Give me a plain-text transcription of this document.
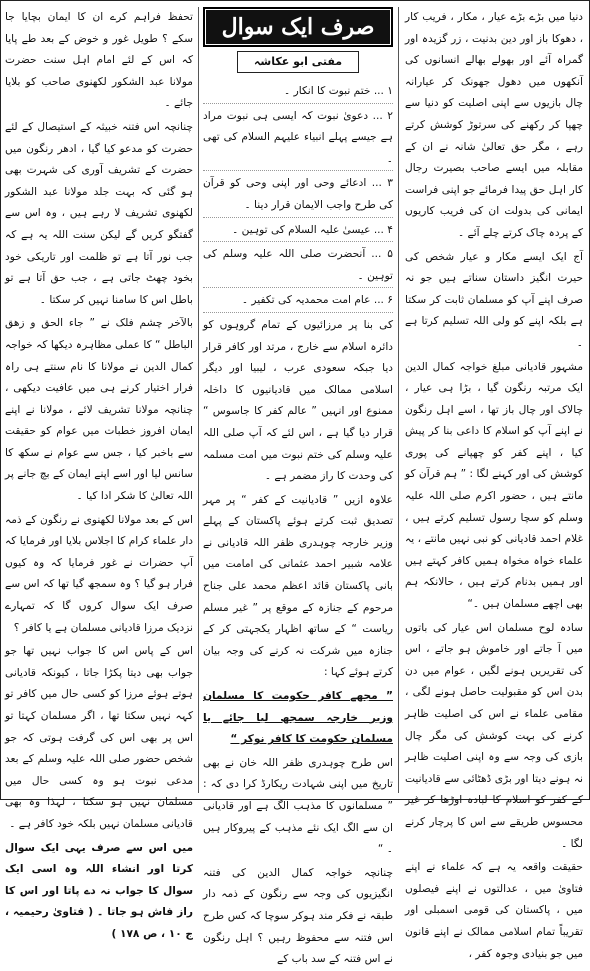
دنیا میں بڑے بڑے عیار ، مکار ، فریب کار ، دھوکا باز اور دین بدنیت ، زر گزیدہ اور گمراہ آئے اور بھولے بھالے انسانوں کی آنکھوں میں دھول جھونک کر عیارانہ چال بازیوں سے اپنی اصلیت کو دنیا سے چھپا کر رکھنے کی سرتوڑ کوشش کرتے رہے ، مگر حق تعالیٰ شانہ نے ان کے مقابلہ میں ایسے صاحب بصیرت رجال کار اہل حق پیدا فرمائے جو اپنی فراست ایمانی کی بدولت ان کی فریب کاریوں کے پردہ چاک کرتے چلے آئے ۔

آج ایک ایسے مکار و عیار شخص کی حیرت انگیز داستان سناتے ہیں جو نہ صرف اپنے آپ کو مسلمان ثابت کر سکتا ہے بلکہ اپنے کو ولی اللہ تسلیم کرتا ہے ۔

مشہور قادیانی مبلغ خواجہ کمال الدین ایک مرتبہ رنگون گیا ، بڑا ہی عیار ، چالاک اور چال باز تھا ، اسے اہل رنگون نے اپنے آپ کو اسلام کا داعی بنا کر پیش کیا ، اپنے کفر کو چھپانے کی پوری کوشش کی اور کہنے لگا : ” ہم قرآن کو مانتے ہیں ، حضور اکرم صلی اللہ علیہ وسلم کو سچا رسول تسلیم کرتے ہیں ، غلام احمد قادیانی کو نبی نہیں مانتے ، یہ علماء خواہ مخواہ ہمیں کافر کہتے ہیں اور ہمیں بدنام کرتے ہیں ، حالانکہ ہم بھی اچھے مسلمان ہیں ۔“

سادہ لوح مسلمان اس عیار کی باتوں میں آ جاتے اور خاموش ہو جاتے ، اس کی تقریریں ہونے لگیں ، عوام میں دن بدن اس کو مقبولیت حاصل ہونے لگی ، مقامی علماء نے اس کی اصلیت ظاہر کرنے کی بہت کوشش کی مگر چال بازی کی وجہ سے وہ اپنی اصلیت ظاہر نہ ہونے دیتا اور بڑی ڈھٹائی سے قادیانیت کے کفر کو اسلام کا لبادہ اوڑھا کر غیر محسوس طریقے سے اس کا پرچار کرنے لگا ۔

حقیقت واقعہ یہ ہے کہ علماء نے اپنے فتاویٰ میں ، عدالتوں نے اپنے فیصلوں میں ، پاکستان کی قومی اسمبلی اور تقریباً تمام اسلامی ممالک نے اپنے قانون میں جو بنیادی وجوہ کفر ،

صرف ایک سوال
مفتی ابو عکاشہ

۱ ... ختم نبوت کا انکار ۔

۲ ... دعویٰ نبوت کہ ایسی ہی نبوت مراد ہے جیسے پہلے انبیاء علیہم السلام کی تھی ۔

۳ ... ادعائے وحی اور اپنی وحی کو قرآن کی طرح واجب الایمان قرار دینا ۔

۴ ... عیسیٰ علیہ السلام کی توہین ۔

۵ ... آنحضرت صلی اللہ علیہ وسلم کی توہین ۔

۶ ... عام امت محمدیہ کی تکفیر ۔

کی بنا پر مرزائیوں کے تمام گروہوں کو دائرہ اسلام سے خارج ، مرتد اور کافر قرار دیا جبکہ سعودی عرب ، لیبیا اور دیگر اسلامی ممالک میں قادیانیوں کا داخلہ ممنوع اور انہیں ” عالم کفر کا جاسوس “ قرار دیا گیا ہے ، اس لئے کہ آپ صلی اللہ علیہ وسلم کی ختم نبوت میں امت مسلمہ کی وحدت کا راز مضمر ہے ۔

علاوہ ازیں ” قادیانیت کے کفر “ پر مہر تصدیق ثبت کرتے ہوئے پاکستان کے پہلے وزیر خارجہ چوہدری ظفر اللہ قادیانی نے علامہ شبیر احمد عثمانی کی امامت میں بانی پاکستان قائد اعظم محمد علی جناح مرحوم کے جنازہ کے موقع پر ” غیر مسلم ریاست “ کے ساتھ اظہار یکجہتی کر کے جنازہ میں شرکت نہ کرنے کی وجہ بیان کرتے ہوئے کہا :

” مجھے کافر حکومت کا مسلمان وزیر خارجہ سمجھ لیا جائے یا مسلمان حکومت کا کافر نوکر “

اس طرح چوہدری ظفر اللہ خان نے بھی تاریخ میں اپنی شہادت ریکارڈ کرا دی کہ : ” مسلمانوں کا مذہب الگ ہے اور قادیانی ان سے الگ ایک نئے مذہب کے پیروکار ہیں ۔ “

چنانچہ خواجہ کمال الدین کی فتنہ انگیزیوں کی وجہ سے رنگون کے ذمہ دار طبقہ نے فکر مند ہوکر سوچا کہ کس طرح اس فتنہ سے محفوظ رہیں ؟ اہل رنگون نے اس فتنہ کے سد باب کے

تحفظ فراہم کرے ان کا ایمان بچایا جا سکے ؟ طویل غور و خوض کے بعد طے پایا کہ اس کے لئے امام اہل سنت حضرت مولانا عبد الشکور لکھنوی صاحب کو بلایا جائے ۔

چنانچہ اس فتنہ خبیثہ کے استیصال کے لئے حضرت کو مدعو کیا گیا ، ادھر رنگون میں حضرت کے تشریف آوری کی شہرت بھی ہو گئی کہ بہت جلد مولانا عبد الشکور لکھنوی تشریف لا رہے ہیں ، وہ اس سے گفتگو کریں گے لیکن سنت اللہ یہ ہے کہ جب نور آتا ہے تو ظلمت اور تاریکی خود بخود چھٹ جاتی ہے ، جب حق آتا ہے تو باطل اس کا سامنا نہیں کر سکتا ۔

بالآخر چشم فلک نے ” جاء الحق و زھق الباطل “ کا عملی مظاہرہ دیکھا کہ خواجہ کمال الدین نے مولانا کا نام سنتے ہی راہ فرار اختیار کرنے ہی میں عافیت دیکھی ، چنانچہ مولانا تشریف لائے ، مولانا نے اپنے ایمان افروز خطبات میں عوام کو حقیقت سے باخبر کیا ، جس سے عوام نے سکھ کا سانس لیا اور اسے اپنے ایمان کے بچ جانے پر اللہ تعالیٰ کا شکر ادا کیا ۔

اس کے بعد مولانا لکھنوی نے رنگون کے ذمہ دار علماء کرام کا اجلاس بلایا اور فرمایا کہ آپ حضرات نے غور فرمایا کہ وہ کیوں فرار ہو گیا ؟ وہ سمجھ گیا تھا کہ اس سے صرف ایک سوال کروں گا کہ تمہارے نزدیک مرزا قادیانی مسلمان ہے یا کافر ؟

اس کے پاس اس کا جواب نہیں تھا جو جواب بھی دیتا پکڑا جاتا ، کیونکہ قادیانی ہوتے ہوئے مرزا کو کسی حال میں کافر تو کہہ نہیں سکتا تھا ، اگر مسلمان کہتا تو اس پر بھی اس کی گرفت ہوتی کہ جو شخص حضور صلی اللہ علیہ وسلم کے بعد مدعی نبوت ہو وہ کسی حال میں مسلمان نہیں ہو سکتا ، لہذا وہ بھی قادیانی مسلمان نہیں بلکہ خود کافر ہے ۔

میں اس سے صرف یہی ایک سوال کرتا اور انشاء اللہ وہ اسی ایک سوال کا جواب نہ دے پاتا اور اس کا راز فاش ہو جاتا ۔ ( فتاویٰ رحیمیہ ، ج ۱۰ ، ص ۱۷۸ )
